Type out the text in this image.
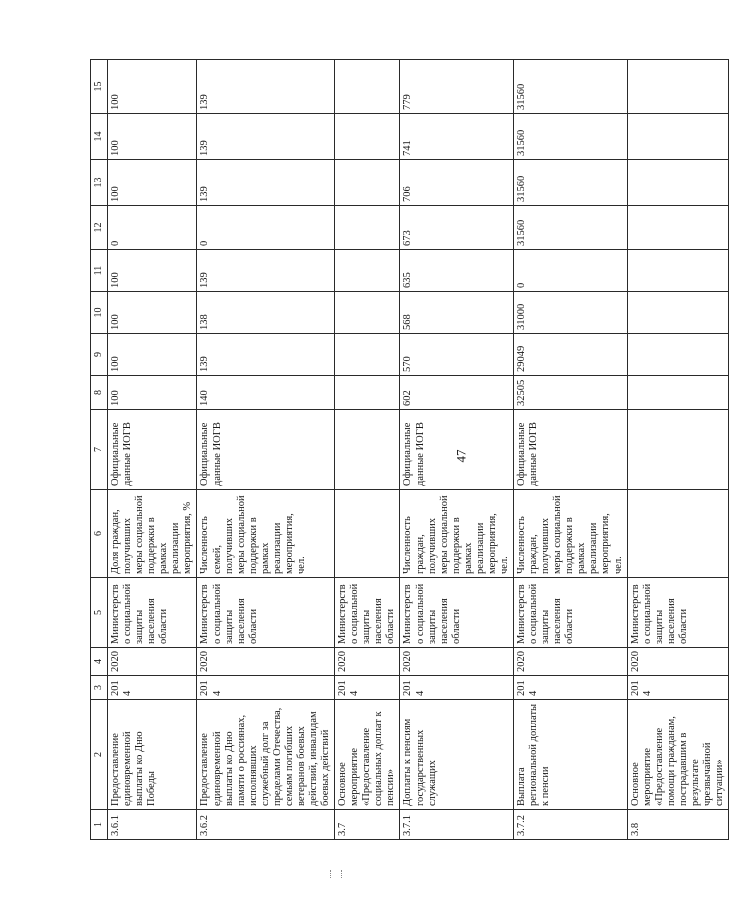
47
1	2	3	4	5	6	7	8	9	10	11	12	13	14	15
3.6.1	Предоставление единовременной выплаты ко Дню Победы	2014	2020	Министерство социальной защиты населения области	Доля граждан, получивших меры социальной поддержки в рамках реализации мероприятия, %	Официальные данные ИОГВ	100	100	100	100	0	100	100	100
3.6.2	Предоставление единовременной выплаты ко Дню памяти о россиянах, исполнявших служебный долг за пределами Отечества, семьям погибших ветеранов боевых действий, инвалидам боевых действий	2014	2020	Министерство социальной защиты населения области	Численность семей, получивших меры социальной поддержки в рамках реализации мероприятия, чел.	Официальные данные ИОГВ	140	139	138	139	0	139	139	139
3.7	Основное мероприятие «Предоставление социальных доплат к пенсии»	2014	2020	Министерство социальной защиты населения области										
3.7.1	Доплаты к пенсиям государственных служащих	2014	2020	Министерство социальной защиты населения области	Численность граждан, получивших меры социальной поддержки в рамках реализации мероприятия, чел.	Официальные данные ИОГВ	602	570	568	635	673	706	741	779
3.7.2	Выплата региональной доплаты к пенсии	2014	2020	Министерство социальной защиты населения области	Численность граждан, получивших меры социальной поддержки в рамках реализации мероприятия, чел.	Официальные данные ИОГВ	32505	29049	31000	0	31560	31560	31560	31560
3.8	Основное мероприятие «Предоставление помощи гражданам, пострадавшим в результате чрезвычайной ситуации»	2014	2020	Министерство социальной защиты населения области										
